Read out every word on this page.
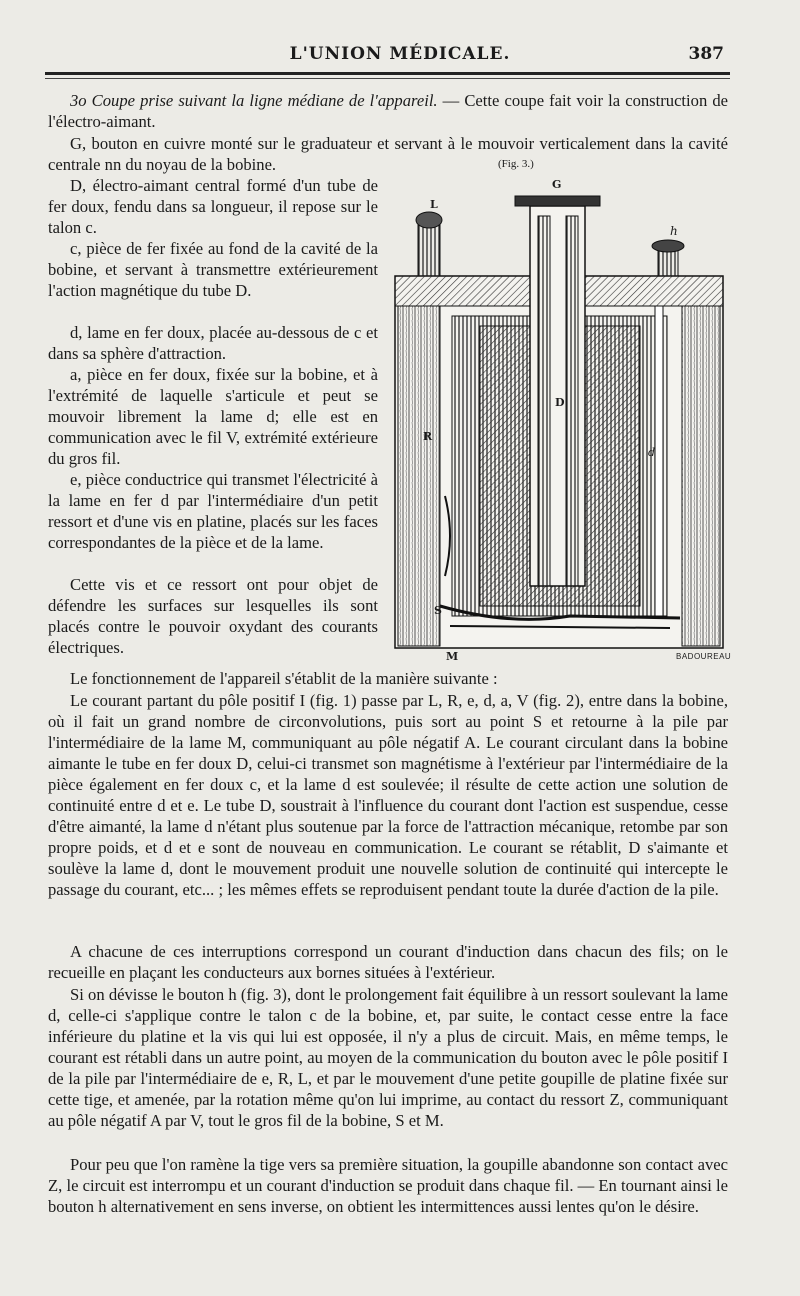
L'UNION MÉDICALE.	387

3o Coupe prise suivant la ligne médiane de l'appareil. — Cette coupe fait voir la construction de l'électro-aimant.

G, bouton en cuivre monté sur le graduateur et servant à le mouvoir verticalement dans la cavité centrale nn du noyau de la bobine.

D, électro-aimant central formé d'un tube de fer doux, fendu dans sa longueur, il repose sur le talon c.

c, pièce de fer fixée au fond de la cavité de la bobine, et servant à transmettre extérieurement l'action magnétique du tube D.

d, lame en fer doux, placée au-dessous de c et dans sa sphère d'attraction.

a, pièce en fer doux, fixée sur la bobine, et à l'extrémité de laquelle s'articule et peut se mouvoir librement la lame d; elle est en communication avec le fil V, extrémité extérieure du gros fil.

e, pièce conductrice qui transmet l'électricité à la lame en fer d par l'intermédiaire d'un petit ressort et d'une vis en platine, placés sur les faces correspondantes de la pièce et de la lame.

Cette vis et ce ressort ont pour objet de défendre les surfaces sur lesquelles ils sont placés contre le pouvoir oxydant des courants électriques.

(Fig. 3.)
L
G
h
D
R
d
S
M	BADOUREAU

Le fonctionnement de l'appareil s'établit de la manière suivante :

Le courant partant du pôle positif I (fig. 1) passe par L, R, e, d, a, V (fig. 2), entre dans la bobine, où il fait un grand nombre de circonvolutions, puis sort au point S et retourne à la pile par l'intermédiaire de la lame M, communiquant au pôle négatif A. Le courant circulant dans la bobine aimante le tube en fer doux D, celui-ci transmet son magnétisme à l'extérieur par l'intermédiaire de la pièce également en fer doux c, et la lame d est soulevée; il résulte de cette action une solution de continuité entre d et e. Le tube D, soustrait à l'influence du courant dont l'action est suspendue, cesse d'être aimanté, la lame d n'étant plus soutenue par la force de l'attraction mécanique, retombe par son propre poids, et d et e sont de nouveau en communication. Le courant se rétablit, D s'aimante et soulève la lame d, dont le mouvement produit une nouvelle solution de continuité qui intercepte le passage du courant, etc... ; les mêmes effets se reproduisent pendant toute la durée d'action de la pile.

A chacune de ces interruptions correspond un courant d'induction dans chacun des fils; on le recueille en plaçant les conducteurs aux bornes situées à l'extérieur.

Si on dévisse le bouton h (fig. 3), dont le prolongement fait équilibre à un ressort soulevant la lame d, celle-ci s'applique contre le talon c de la bobine, et, par suite, le contact cesse entre la face inférieure du platine et la vis qui lui est opposée, il n'y a plus de circuit. Mais, en même temps, le courant est rétabli dans un autre point, au moyen de la communication du bouton avec le pôle positif I de la pile par l'intermédiaire de e, R, L, et par le mouvement d'une petite goupille de platine fixée sur cette tige, et amenée, par la rotation même qu'on lui imprime, au contact du ressort Z, communiquant au pôle négatif A par V, tout le gros fil de la bobine, S et M.

Pour peu que l'on ramène la tige vers sa première situation, la goupille abandonne son contact avec Z, le circuit est interrompu et un courant d'induction se produit dans chaque fil. — En tournant ainsi le bouton h alternativement en sens inverse, on obtient les intermittences aussi lentes qu'on le désire.
